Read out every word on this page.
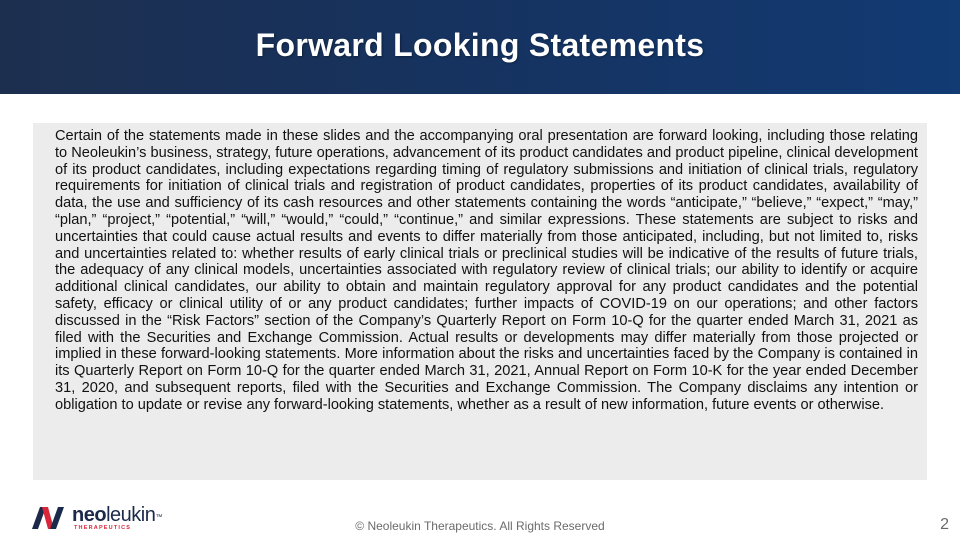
Forward Looking Statements

Certain of the statements made in these slides and the accompanying oral presentation are forward looking, including those relating to Neoleukin’s business, strategy, future operations, advancement of its product candidates and product pipeline, clinical development of its product candidates, including expectations regarding timing of regulatory submissions and initiation of clinical trials, regulatory requirements for initiation of clinical trials and registration of product candidates, properties of its product candidates, availability of data, the use and sufficiency of its cash resources and other statements containing the words “anticipate,” “believe,” “expect,” “may,” “plan,” “project,” “potential,” “will,” “would,” “could,” “continue,” and similar expressions. These statements are subject to risks and uncertainties that could cause actual results and events to differ materially from those anticipated, including, but not limited to, risks and uncertainties related to: whether results of early clinical trials or preclinical studies will be indicative of the results of future trials, the adequacy of any clinical models, uncertainties associated with regulatory review of clinical trials; our ability to identify or acquire additional clinical candidates, our ability to obtain and maintain regulatory approval for any product candidates and the potential safety, efficacy or clinical utility of or any product candidates; further impacts of COVID-19 on our operations; and other factors discussed in the “Risk Factors” section of the Company’s Quarterly Report on Form 10-Q for the quarter ended March 31, 2021 as filed with the Securities and Exchange Commission. Actual results or developments may differ materially from those projected or implied in these forward-looking statements. More information about the risks and uncertainties faced by the Company is contained in its Quarterly Report on Form 10-Q for the quarter ended March 31, 2021, Annual Report on Form 10-K for the year ended December 31, 2020, and subsequent reports, filed with the Securities and Exchange Commission. The Company disclaims any intention or obligation to update or revise any forward-looking statements, whether as a result of new information, future events or otherwise.

neoleukin™
THERAPEUTICS	© Neoleukin Therapeutics. All Rights Reserved	2
